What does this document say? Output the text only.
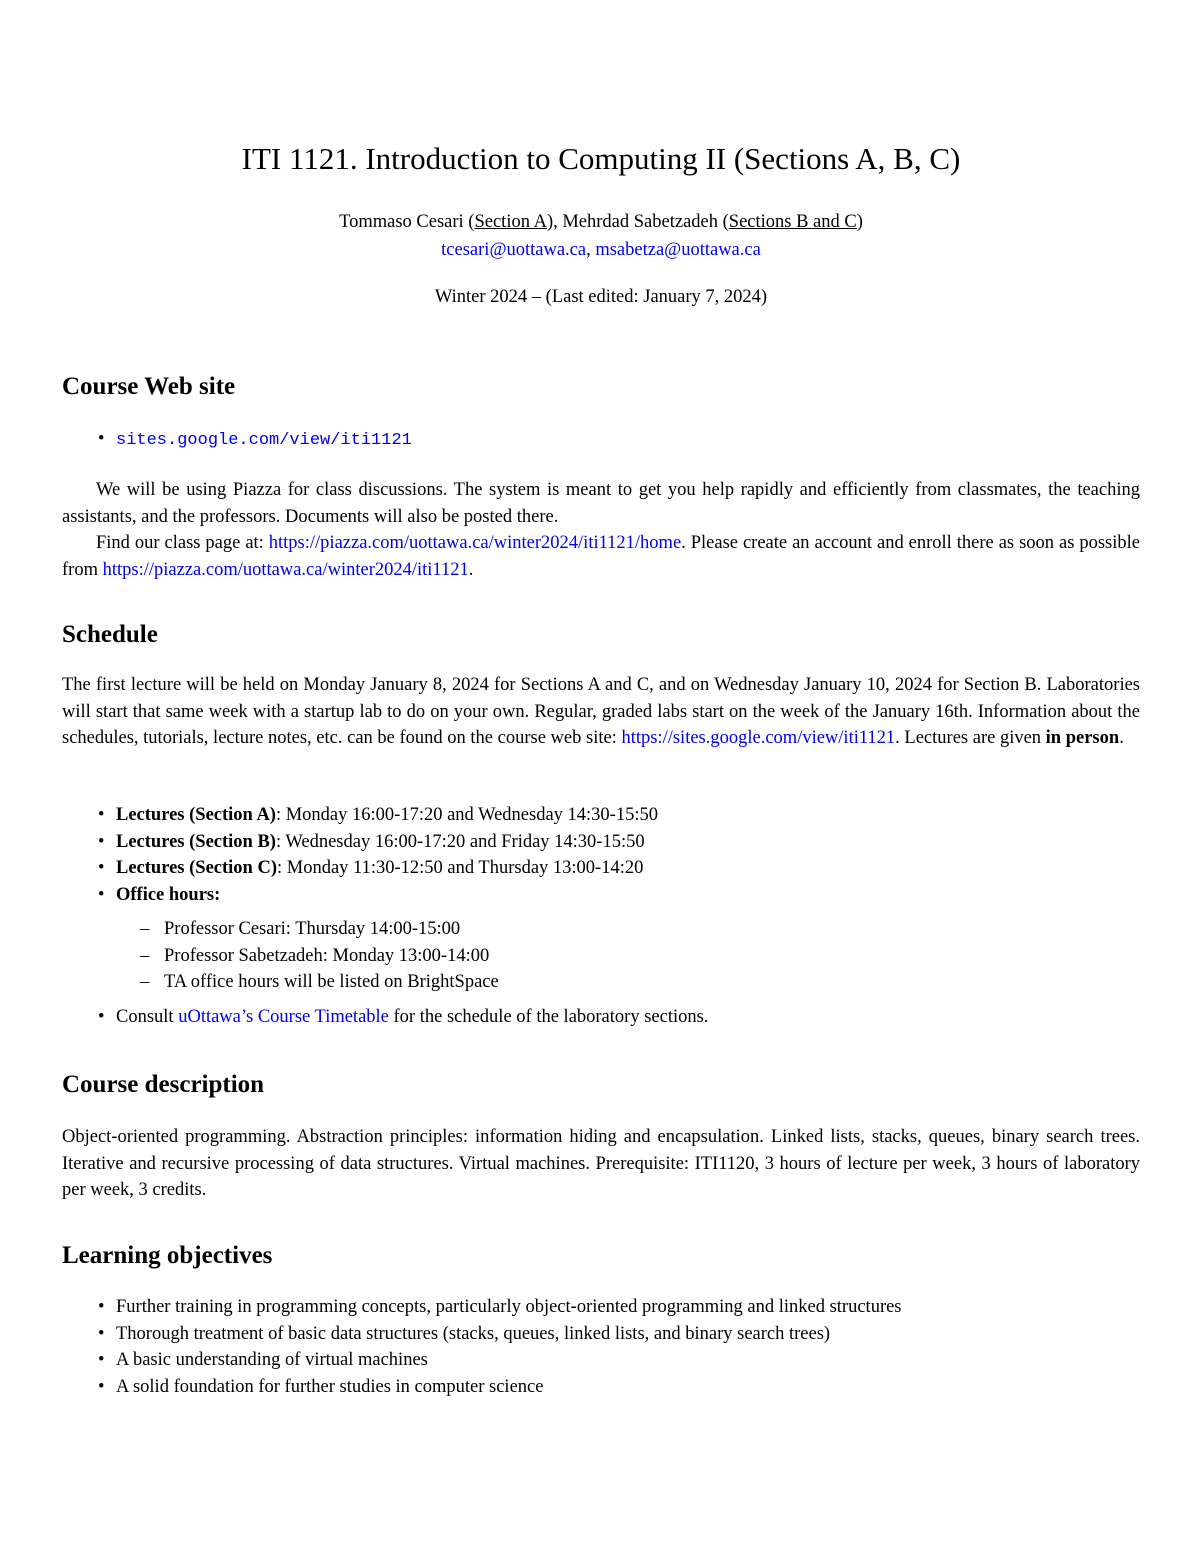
ITI 1121. Introduction to Computing II (Sections A, B, C)
Tommaso Cesari (Section A), Mehrdad Sabetzadeh (Sections B and C)
tcesari@uottawa.ca, msabetza@uottawa.ca
Winter 2024 – (Last edited: January 7, 2024)
Course Web site
• sites.google.com/view/iti1121

We will be using Piazza for class discussions. The system is meant to get you help rapidly and efficiently from classmates, the teaching assistants, and the professors. Documents will also be posted there.

Find our class page at: https://piazza.com/uottawa.ca/winter2024/iti1121/home. Please create an account and enroll there as soon as possible from https://piazza.com/uottawa.ca/winter2024/iti1121.

Schedule

The first lecture will be held on Monday January 8, 2024 for Sections A and C, and on Wednesday January 10, 2024 for Section B. Laboratories will start that same week with a startup lab to do on your own. Regular, graded labs start on the week of the January 16th. Information about the schedules, tutorials, lecture notes, etc. can be found on the course web site: https://sites.google.com/view/iti1121. Lectures are given in person.

• Lectures (Section A): Monday 16:00-17:20 and Wednesday 14:30-15:50
• Lectures (Section B): Wednesday 16:00-17:20 and Friday 14:30-15:50
• Lectures (Section C): Monday 11:30-12:50 and Thursday 13:00-14:20
• Office hours:
– Professor Cesari: Thursday 14:00-15:00
– Professor Sabetzadeh: Monday 13:00-14:00
– TA office hours will be listed on BrightSpace
• Consult uOttawa’s Course Timetable for the schedule of the laboratory sections.
Course description

Object-oriented programming. Abstraction principles: information hiding and encapsulation. Linked lists, stacks, queues, binary search trees. Iterative and recursive processing of data structures. Virtual machines. Prerequisite: ITI1120, 3 hours of lecture per week, 3 hours of laboratory per week, 3 credits.

Learning objectives
• Further training in programming concepts, particularly object-oriented programming and linked structures
• Thorough treatment of basic data structures (stacks, queues, linked lists, and binary search trees)
• A basic understanding of virtual machines
• A solid foundation for further studies in computer science
